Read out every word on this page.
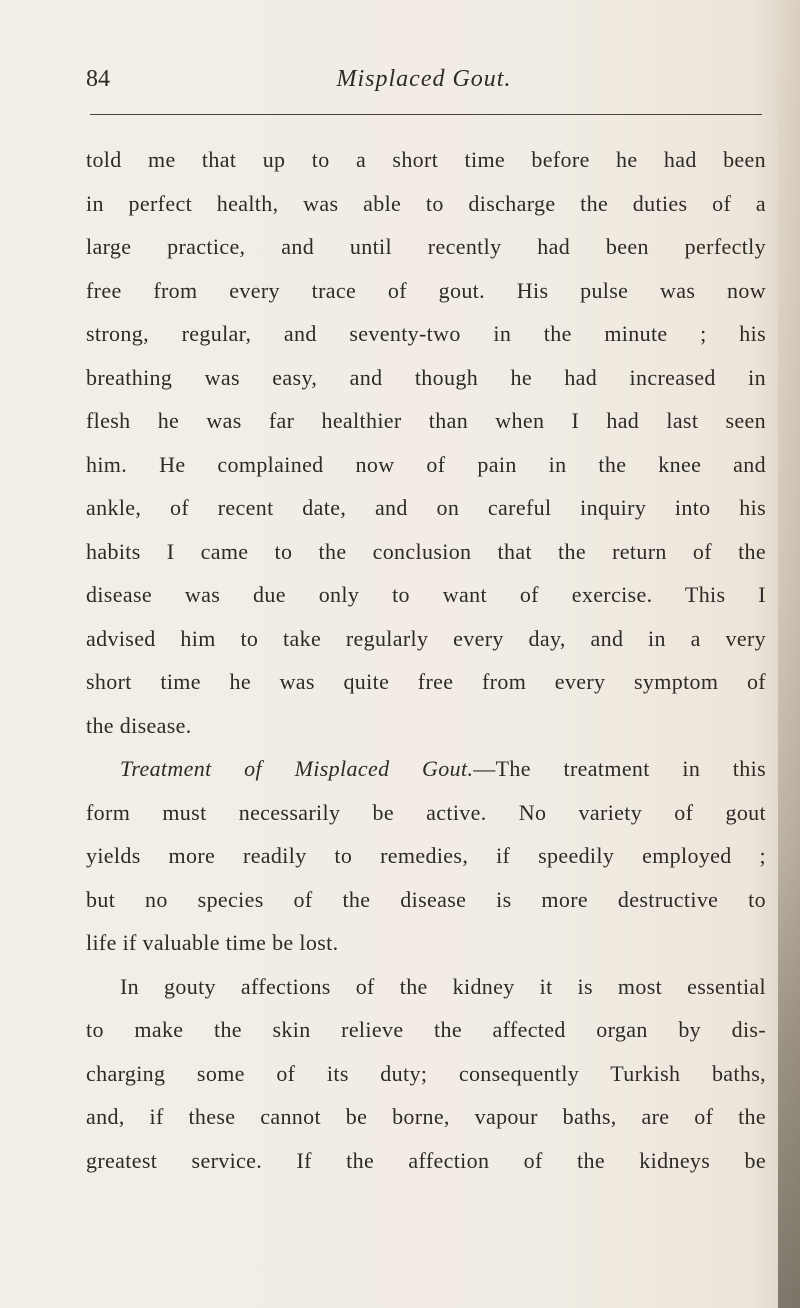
84	Misplaced Gout.

told me that up to a short time before he had been
in perfect health, was able to discharge the duties of a
large practice, and until recently had been perfectly
free from every trace of gout. His pulse was now
strong, regular, and seventy-two in the minute ; his
breathing was easy, and though he had increased in
flesh he was far healthier than when I had last seen
him. He complained now of pain in the knee and
ankle, of recent date, and on careful inquiry into his
habits I came to the conclusion that the return of the
disease was due only to want of exercise. This I
advised him to take regularly every day, and in a very
short time he was quite free from every symptom of
the disease.

Treatment of Misplaced Gout.—The treatment in this
form must necessarily be active. No variety of gout
yields more readily to remedies, if speedily employed ;
but no species of the disease is more destructive to
life if valuable time be lost.

In gouty affections of the kidney it is most essential
to make the skin relieve the affected organ by dis-
charging some of its duty; consequently Turkish baths,
and, if these cannot be borne, vapour baths, are of the
greatest service. If the affection of the kidneys be
